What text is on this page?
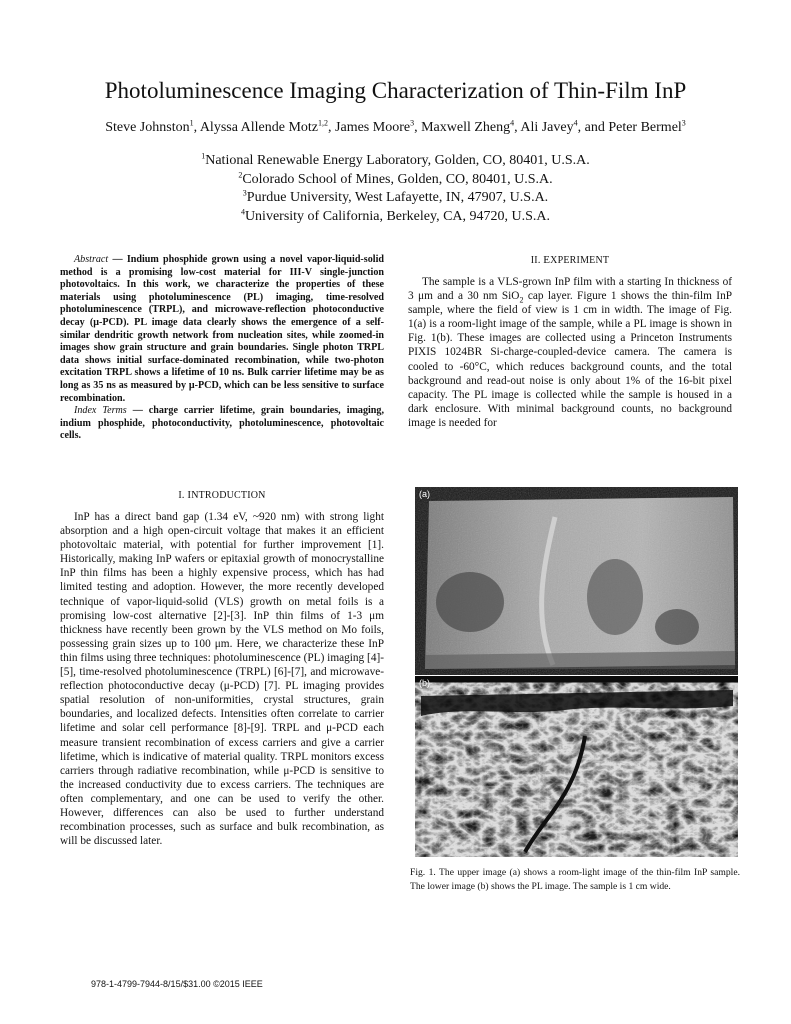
Photoluminescence Imaging Characterization of Thin-Film InP
Steve Johnston$^1$, Alyssa Allende Motz$^{1,2}$, James Moore$^3$, Maxwell Zheng$^4$, Ali Javey$^4$, and Peter Bermel$^3$
$^1$National Renewable Energy Laboratory, Golden, CO, 80401, U.S.A.
$^2$Colorado School of Mines, Golden, CO, 80401, U.S.A.
$^3$Purdue University, West Lafayette, IN, 47907, U.S.A.
$^4$University of California, Berkeley, CA, 94720, U.S.A.

Abstract — Indium phosphide grown using a novel vapor-liquid-solid method is a promising low-cost material for III-V single-junction photovoltaics. In this work, we characterize the properties of these materials using photoluminescence (PL) imaging, time-resolved photoluminescence (TRPL), and microwave-reflection photoconductive decay (μ-PCD). PL image data clearly shows the emergence of a self-similar dendritic growth network from nucleation sites, while zoomed-in images show grain structure and grain boundaries. Single photon TRPL data shows initial surface-dominated recombination, while two-photon excitation TRPL shows a lifetime of 10 ns. Bulk carrier lifetime may be as long as 35 ns as measured by μ-PCD, which can be less sensitive to surface recombination.

Index Terms — charge carrier lifetime, grain boundaries, imaging, indium phosphide, photoconductivity, photoluminescence, photovoltaic cells.

I. INTRODUCTION

InP has a direct band gap (1.34 eV, ~920 nm) with strong light absorption and a high open-circuit voltage that makes it an efficient photovoltaic material, with potential for further improvement [1]. Historically, making InP wafers or epitaxial growth of monocrystalline InP thin films has been a highly expensive process, which has had limited testing and adoption. However, the more recently developed technique of vapor-liquid-solid (VLS) growth on metal foils is a promising low-cost alternative [2]-[3]. InP thin films of 1-3 μm thickness have recently been grown by the VLS method on Mo foils, possessing grain sizes up to 100 μm. Here, we characterize these InP thin films using three techniques: photoluminescence (PL) imaging [4]-[5], time-resolved photoluminescence (TRPL) [6]-[7], and microwave-reflection photoconductive decay (μ-PCD) [7]. PL imaging provides spatial resolution of non-uniformities, crystal structures, grain boundaries, and localized defects. Intensities often correlate to carrier lifetime and solar cell performance [8]-[9]. TRPL and μ-PCD each measure transient recombination of excess carriers and give a carrier lifetime, which is indicative of material quality. TRPL monitors excess carriers through radiative recombination, while μ-PCD is sensitive to the increased conductivity due to excess carriers. The techniques are often complementary, and one can be used to verify the other. However, differences can also be used to further understand recombination processes, such as surface and bulk recombination, as will be discussed later.

II. EXPERIMENT

The sample is a VLS-grown InP film with a starting In thickness of 3 μm and a 30 nm SiO$_2$ cap layer. Figure 1 shows the thin-film InP sample, where the field of view is 1 cm in width. The image of Fig. 1(a) is a room-light image of the sample, while a PL image is shown in Fig. 1(b). These images are collected using a Princeton Instruments PIXIS 1024BR Si-charge-coupled-device camera. The camera is cooled to -60°C, which reduces background counts, and the total background and read-out noise is only about 1% of the 16-bit pixel capacity. The PL image is collected while the sample is housed in a dark enclosure. With minimal background counts, no background image is needed for

(a)
(b)
Fig. 1. The upper image (a) shows a room-light image of the thin-film InP sample. The lower image (b) shows the PL image. The sample is 1 cm wide.
978-1-4799-7944-8/15/$31.00 ©2015 IEEE
